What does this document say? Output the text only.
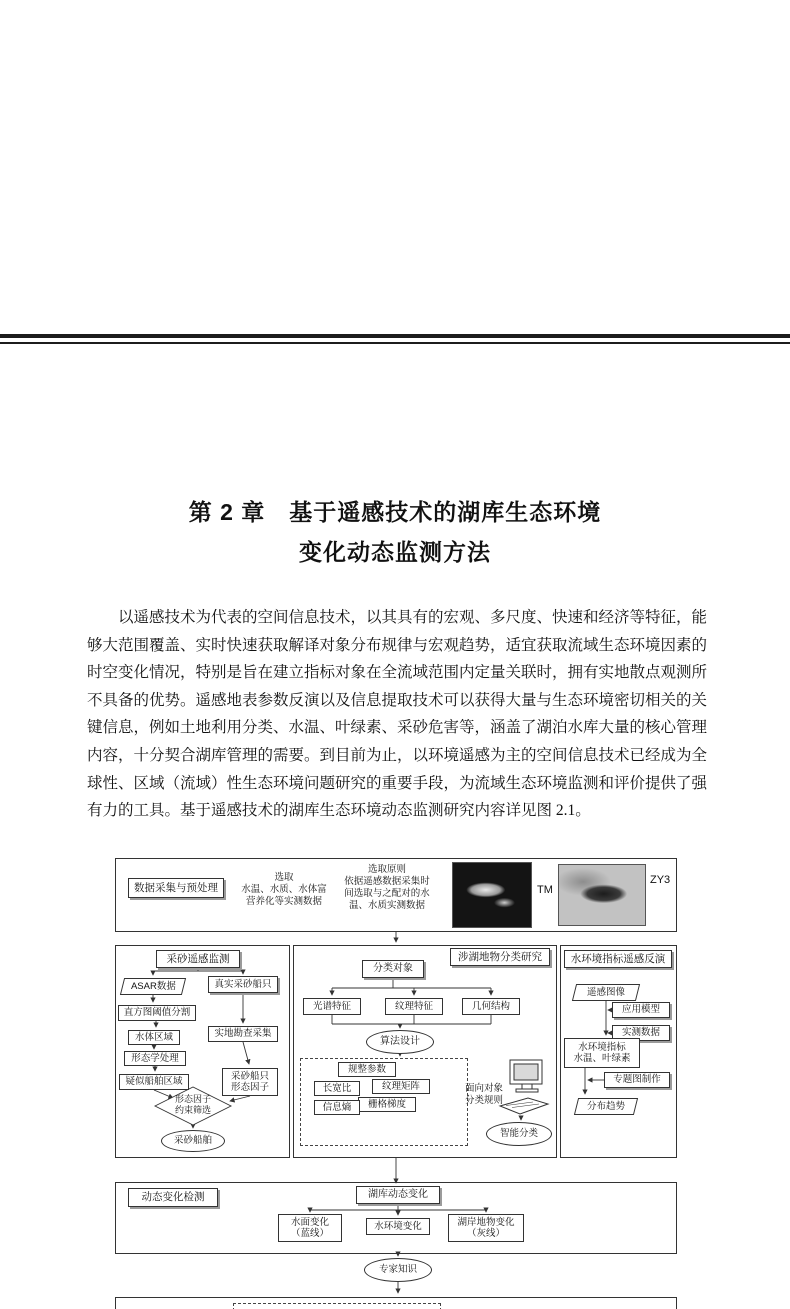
第 2 章　基于遥感技术的湖库生态环境
变化动态监测方法

以遥感技术为代表的空间信息技术，以其具有的宏观、多尺度、快速和经济等特征，能够大范围覆盖、实时快速获取解译对象分布规律与宏观趋势，适宜获取流域生态环境因素的时空变化情况，特别是旨在建立指标对象在全流域范围内定量关联时，拥有实地散点观测所不具备的优势。遥感地表参数反演以及信息提取技术可以获得大量与生态环境密切相关的关键信息，例如土地利用分类、水温、叶绿素、采砂危害等，涵盖了湖泊水库大量的核心管理内容，十分契合湖库管理的需要。到目前为止，以环境遥感为主的空间信息技术已经成为全球性、区域（流域）性生态环境问题研究的重要手段，为流域生态环境监测和评价提供了强有力的工具。基于遥感技术的湖库生态环境动态监测研究内容详见图 2.1。

数据采集与预处理
选取
水温、水质、水体富
营养化等实测数据
选取原则
依据遥感数据采集时
间选取与之配对的水
温、水质实测数据
TM
ZY3
采砂遥感监测
ASAR数据	真实采砂船只
直方图阈值分割
水体区域	实地勘查采集
形态学处理
疑似船舶区域
采砂船只
形态因子
形态因子
约束筛选
采砂船舶
涉湖地物分类研究
分类对象
光谱特征	纹理特征	几何结构
算法设计
规整参数
纹理矩阵
长宽比
栅格梯度
信息熵
面向对象
分类规则
智能分类
水环境指标遥感反演
遥感图像
应用模型
实测数据
水环境指标
水温、叶绿素
专题图制作
分布趋势
动态变化检测	湖库动态变化
水面变化
（蓝线）
水环境变化	湖岸地物变化
（灰线）
专家知识
